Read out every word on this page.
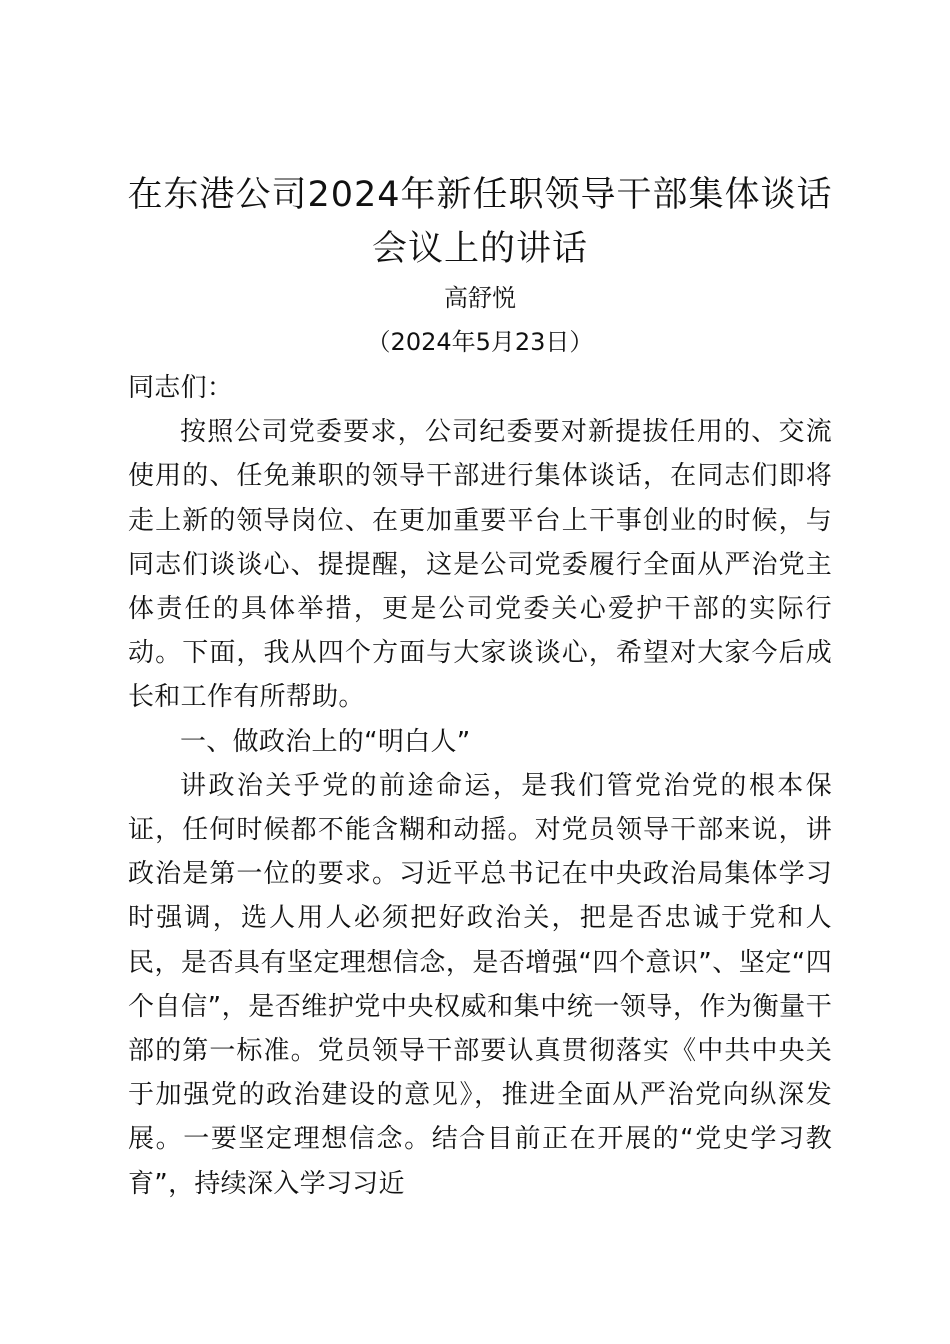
在东港公司2024年新任职领导干部集体谈话会议上的讲话
高舒悦
（2024年5月23日）

同志们：

按照公司党委要求，公司纪委要对新提拔任用的、交流使用的、任免兼职的领导干部进行集体谈话，在同志们即将走上新的领导岗位、在更加重要平台上干事创业的时候，与同志们谈谈心、提提醒，这是公司党委履行全面从严治党主体责任的具体举措，更是公司党委关心爱护干部的实际行动。下面，我从四个方面与大家谈谈心，希望对大家今后成长和工作有所帮助。

一、做政治上的“明白人”

讲政治关乎党的前途命运，是我们管党治党的根本保证，任何时候都不能含糊和动摇。对党员领导干部来说，讲政治是第一位的要求。习近平总书记在中央政治局集体学习时强调，选人用人必须把好政治关，把是否忠诚于党和人民，是否具有坚定理想信念，是否增强“四个意识”、坚定“四个自信”，是否维护党中央权威和集中统一领导，作为衡量干部的第一标准。党员领导干部要认真贯彻落实《中共中央关于加强党的政治建设的意见》，推进全面从严治党向纵深发展。一要坚定理想信念。结合目前正在开展的“党史学习教育”，持续深入学习习近
